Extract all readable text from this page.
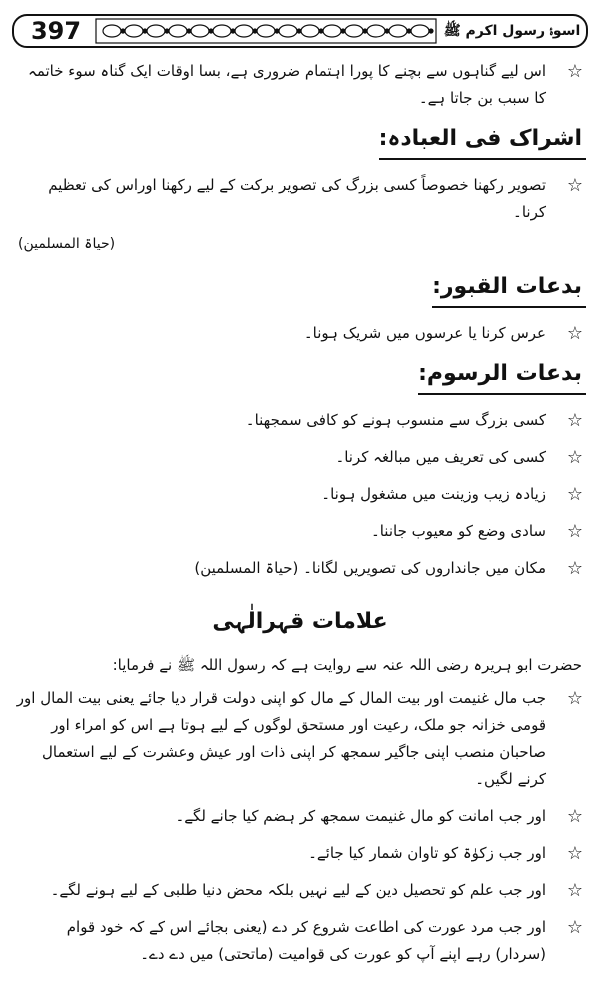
397	اسوۂ رسول اکرم ﷺ
☆
اس لیے گناہوں سے بچنے کا پورا اہتمام ضروری ہے، بسا اوقات ایک گناہ سوء خاتمہ کا سبب بن جاتا ہے۔
اشراک فی العبادہ:
☆
تصویر رکھنا خصوصاً کسی بزرگ کی تصویر برکت کے لیے رکھنا اوراس کی تعظیم کرنا۔
(حیاۃ المسلمین)
بدعات القبور:
☆
عرس کرنا یا عرسوں میں شریک ہونا۔
بدعات الرسوم:
☆
کسی بزرگ سے منسوب ہونے کو کافی سمجھنا۔
☆
کسی کی تعریف میں مبالغہ کرنا۔
☆
زیادہ زیب وزینت میں مشغول ہونا۔
☆
سادی وضع کو معیوب جاننا۔
☆
مکان میں جانداروں کی تصویریں لگانا۔ (حیاۃ المسلمین)
علامات قہرالٰہی
حضرت ابو ہریرہ رضی اللہ عنہ سے روایت ہے کہ رسول اللہ ﷺ نے فرمایا:
☆
جب مال غنیمت اور بیت المال کے مال کو اپنی دولت قرار دیا جائے یعنی بیت المال اور قومی خزانہ جو ملک، رعیت اور مستحق لوگوں کے لیے ہوتا ہے اس کو امراء اور صاحبان منصب اپنی جاگیر سمجھ کر اپنی ذات اور عیش وعشرت کے لیے استعمال کرنے لگیں۔
☆
اور جب امانت کو مال غنیمت سمجھ کر ہضم کیا جانے لگے۔
☆
اور جب زکوٰۃ کو تاوان شمار کیا جائے۔
☆
اور جب علم کو تحصیل دین کے لیے نہیں بلکہ محض دنیا طلبی کے لیے ہونے لگے۔
☆
اور جب مرد عورت کی اطاعت شروع کر دے (یعنی بجائے اس کے کہ خود قوام (سردار) رہے اپنے آپ کو عورت کی قوامیت (ماتحتی) میں دے دے۔
